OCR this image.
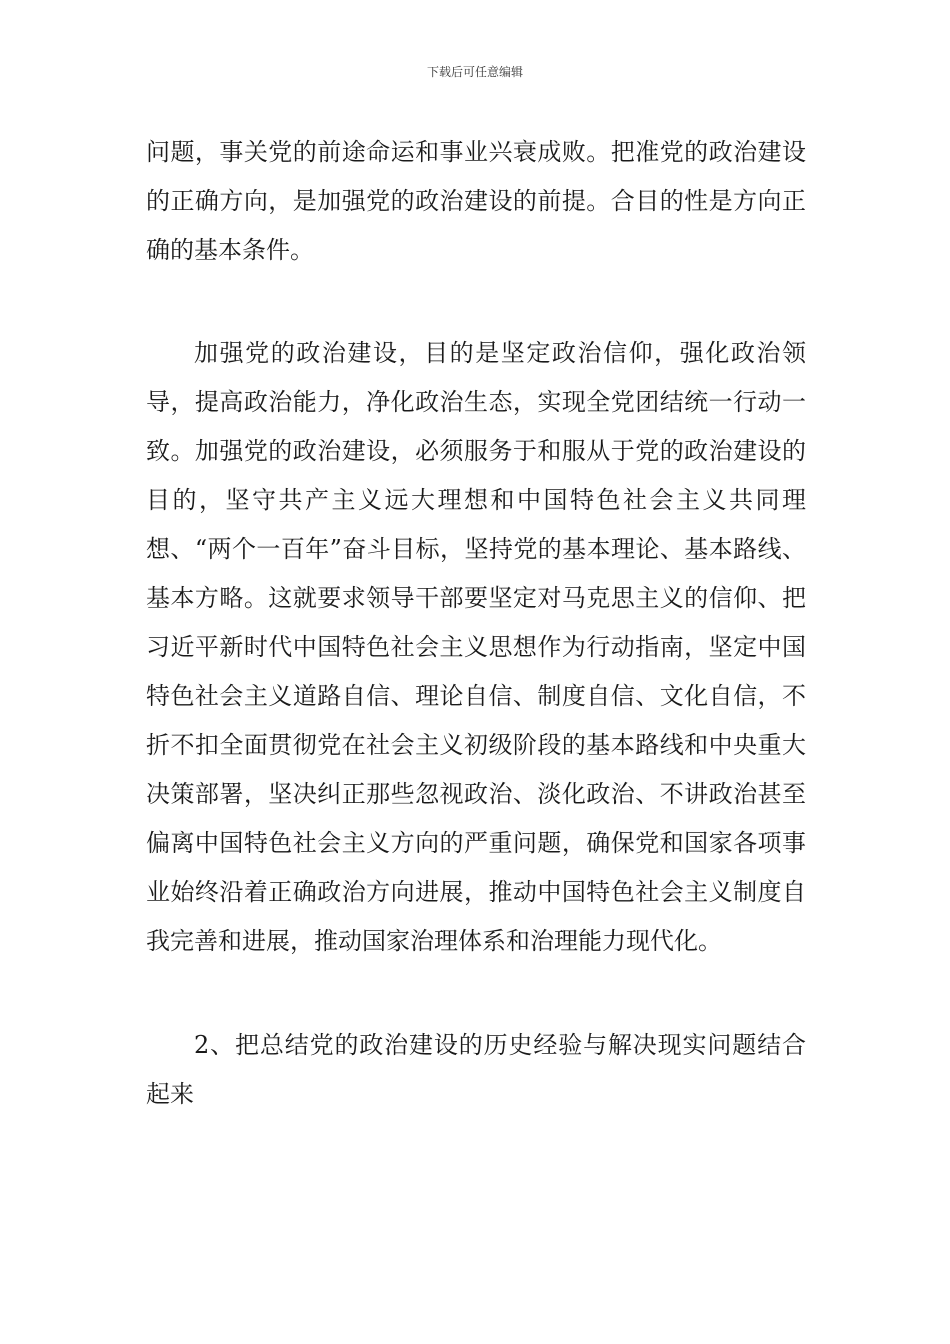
下载后可任意编辑

问题，事关党的前途命运和事业兴衰成败。把准党的政治建设的正确方向，是加强党的政治建设的前提。合目的性是方向正确的基本条件。

加强党的政治建设，目的是坚定政治信仰，强化政治领导，提高政治能力，净化政治生态，实现全党团结统一行动一致。加强党的政治建设，必须服务于和服从于党的政治建设的目的，坚守共产主义远大理想和中国特色社会主义共同理想、“两个一百年”奋斗目标，坚持党的基本理论、基本路线、基本方略。这就要求领导干部要坚定对马克思主义的信仰、把习近平新时代中国特色社会主义思想作为行动指南，坚定中国特色社会主义道路自信、理论自信、制度自信、文化自信，不折不扣全面贯彻党在社会主义初级阶段的基本路线和中央重大决策部署，坚决纠正那些忽视政治、淡化政治、不讲政治甚至偏离中国特色社会主义方向的严重问题，确保党和国家各项事业始终沿着正确政治方向进展，推动中国特色社会主义制度自我完善和进展，推动国家治理体系和治理能力现代化。

2、把总结党的政治建设的历史经验与解决现实问题结合起来
